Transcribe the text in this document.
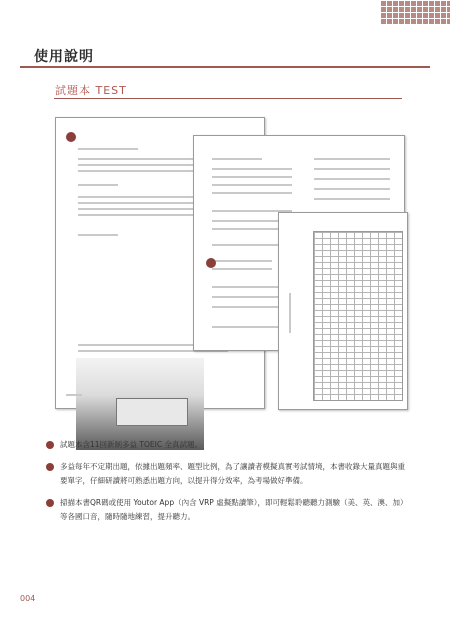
使用說明
試題本 TEST
試題本含11回新制多益 TOEIC 全真試題。
多益每年不定期出題，依據出題頻率、題型比例，為了讓讀者模擬真實考試情境，本書收錄大量真題與重要單字，仔細研讀將可熟悉出題方向，以提升得分效率，為考場做好準備。
掃描本書QR碼或使用 Youtor App（內含 VRP 虛擬點讀筆），即可輕鬆聆聽聽力測驗（美、英、澳、加）等各國口音，隨時隨地練習，提升聽力。
004
